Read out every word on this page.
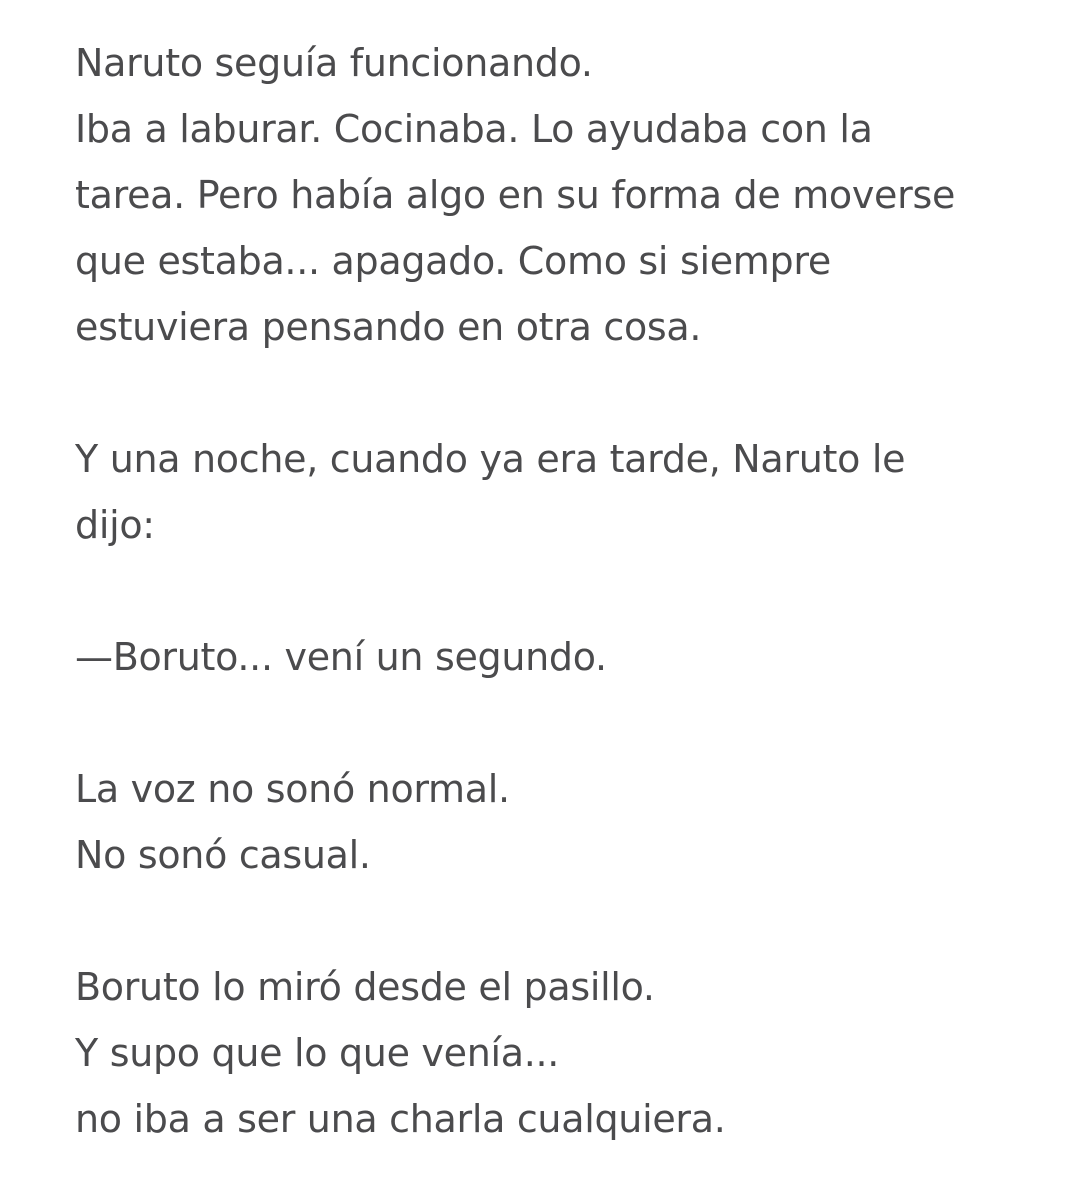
Naruto seguía funcionando.
Iba a laburar. Cocinaba. Lo ayudaba con la
tarea. Pero había algo en su forma de moverse
que estaba... apagado. Como si siempre
estuviera pensando en otra cosa.
Y una noche, cuando ya era tarde, Naruto le
dijo:
—Boruto... vení un segundo.
La voz no sonó normal.
No sonó casual.
Boruto lo miró desde el pasillo.
Y supo que lo que venía...
no iba a ser una charla cualquiera.
